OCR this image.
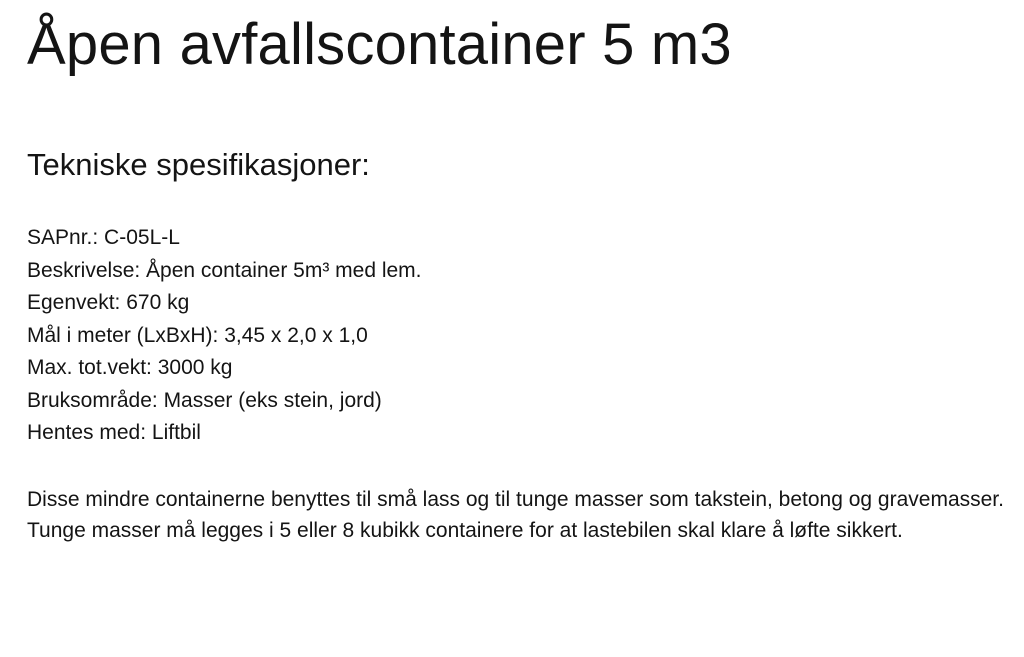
Åpen avfallscontainer 5 m3
Tekniske spesifikasjoner:
SAPnr.: C-05L-L
Beskrivelse: Åpen container 5m³ med lem.
Egenvekt: 670 kg
Mål i meter (LxBxH): 3,45 x 2,0 x 1,0
Max. tot.vekt: 3000 kg
Bruksområde: Masser (eks stein, jord)
Hentes med: Liftbil

Disse mindre containerne benyttes til små lass og til tunge masser som takstein, betong og gravemasser. Tunge masser må legges i 5 eller 8 kubikk containere for at lastebilen skal klare å løfte sikkert.
